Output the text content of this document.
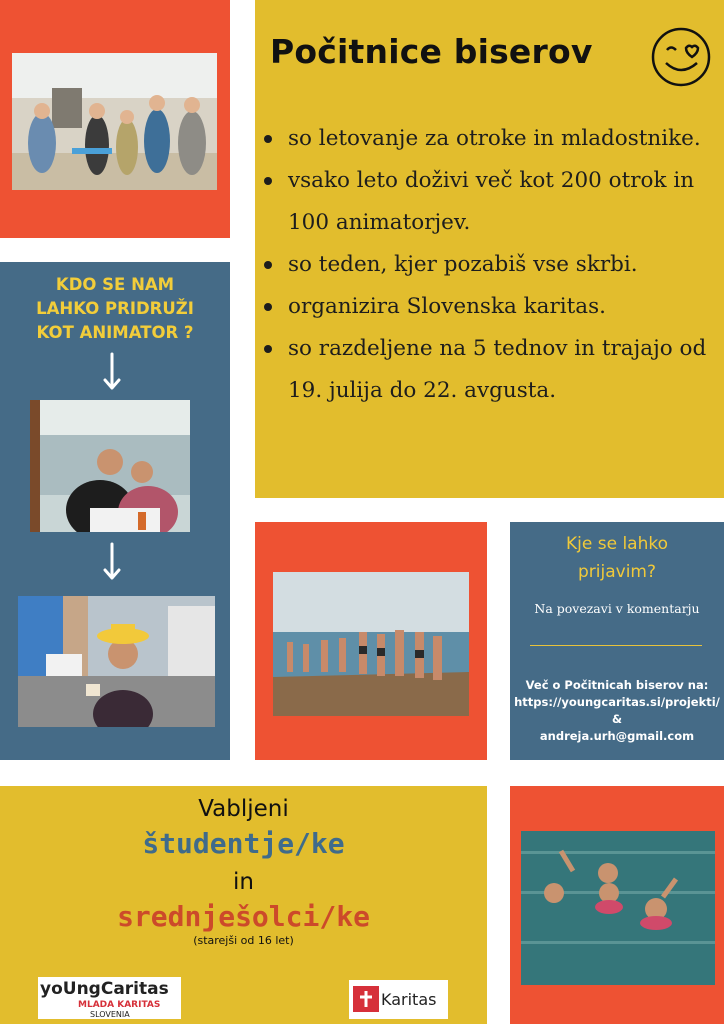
Počitnice biserov
so letovanje za otroke in mladostnike.
vsako leto doživi več kot 200 otrok in 100 animatorjev.
so teden, kjer pozabiš vse skrbi.
organizira Slovenska karitas.
so razdeljene na 5 tednov in trajajo od 19. julija do 22. avgusta.
KDO SE NAM
LAHKO PRIDRUŽI
KOT ANIMATOR ?
Kje se lahko
prijavim?
Na povezavi v komentarju
Več o Počitnicah biserov na:
https://youngcaritas.si/projekti/
&
andreja.urh@gmail.com
Vabljeni
študentje/ke
in
srednješolci/ke
(starejši od 16 let)
yoUngCaritas
MLADA KARITAS
SLOVENIA
Karitas
